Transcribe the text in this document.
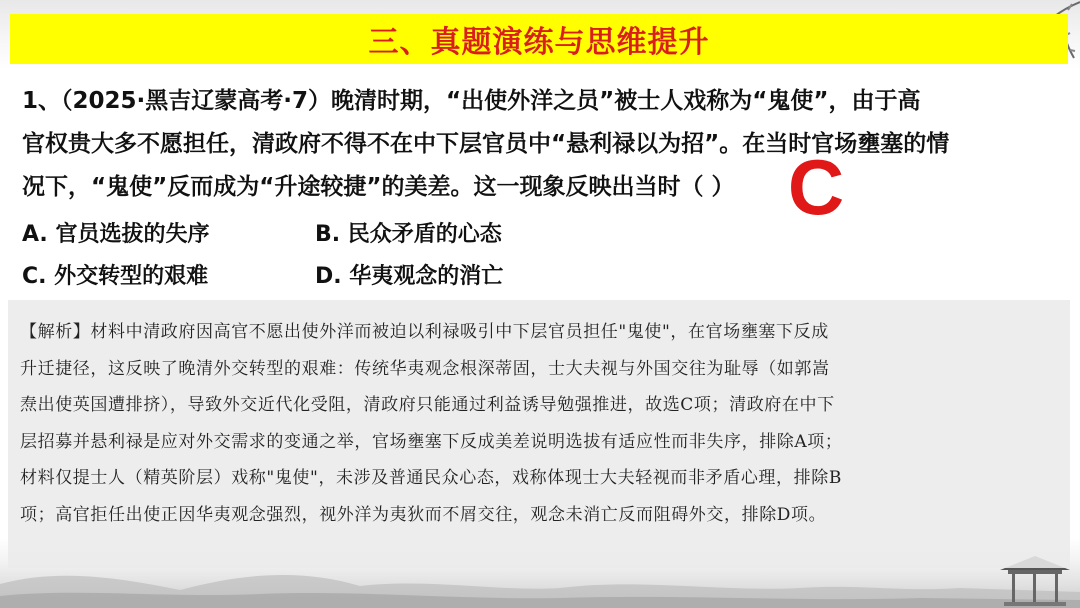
三、真题演练与思维提升
1、（2025·黑吉辽蒙高考·7）晚清时期，“出使外洋之员”被士人戏称为“鬼使”，由于高
官权贵大多不愿担任，清政府不得不在中下层官员中“悬利禄以为招”。在当时官场壅塞的情
况下，“鬼使”反而成为“升途较捷”的美差。这一现象反映出当时（ ） C
A. 官员选拔的失序	B. 民众矛盾的心态
C. 外交转型的艰难	D. 华夷观念的消亡
【解析】材料中清政府因高官不愿出使外洋而被迫以利禄吸引中下层官员担任"鬼使"，在官场壅塞下反成
升迁捷径，这反映了晚清外交转型的艰难：传统华夷观念根深蒂固，士大夫视与外国交往为耻辱（如郭嵩
焘出使英国遭排挤），导致外交近代化受阻，清政府只能通过利益诱导勉强推进，故选C项；清政府在中下
层招募并悬利禄是应对外交需求的变通之举，官场壅塞下反成美差说明选拔有适应性而非失序，排除A项；
材料仅提士人（精英阶层）戏称"鬼使"，未涉及普通民众心态，戏称体现士大夫轻视而非矛盾心理，排除B
项；高官拒任出使正因华夷观念强烈，视外洋为夷狄而不屑交往，观念未消亡反而阻碍外交，排除D项。
